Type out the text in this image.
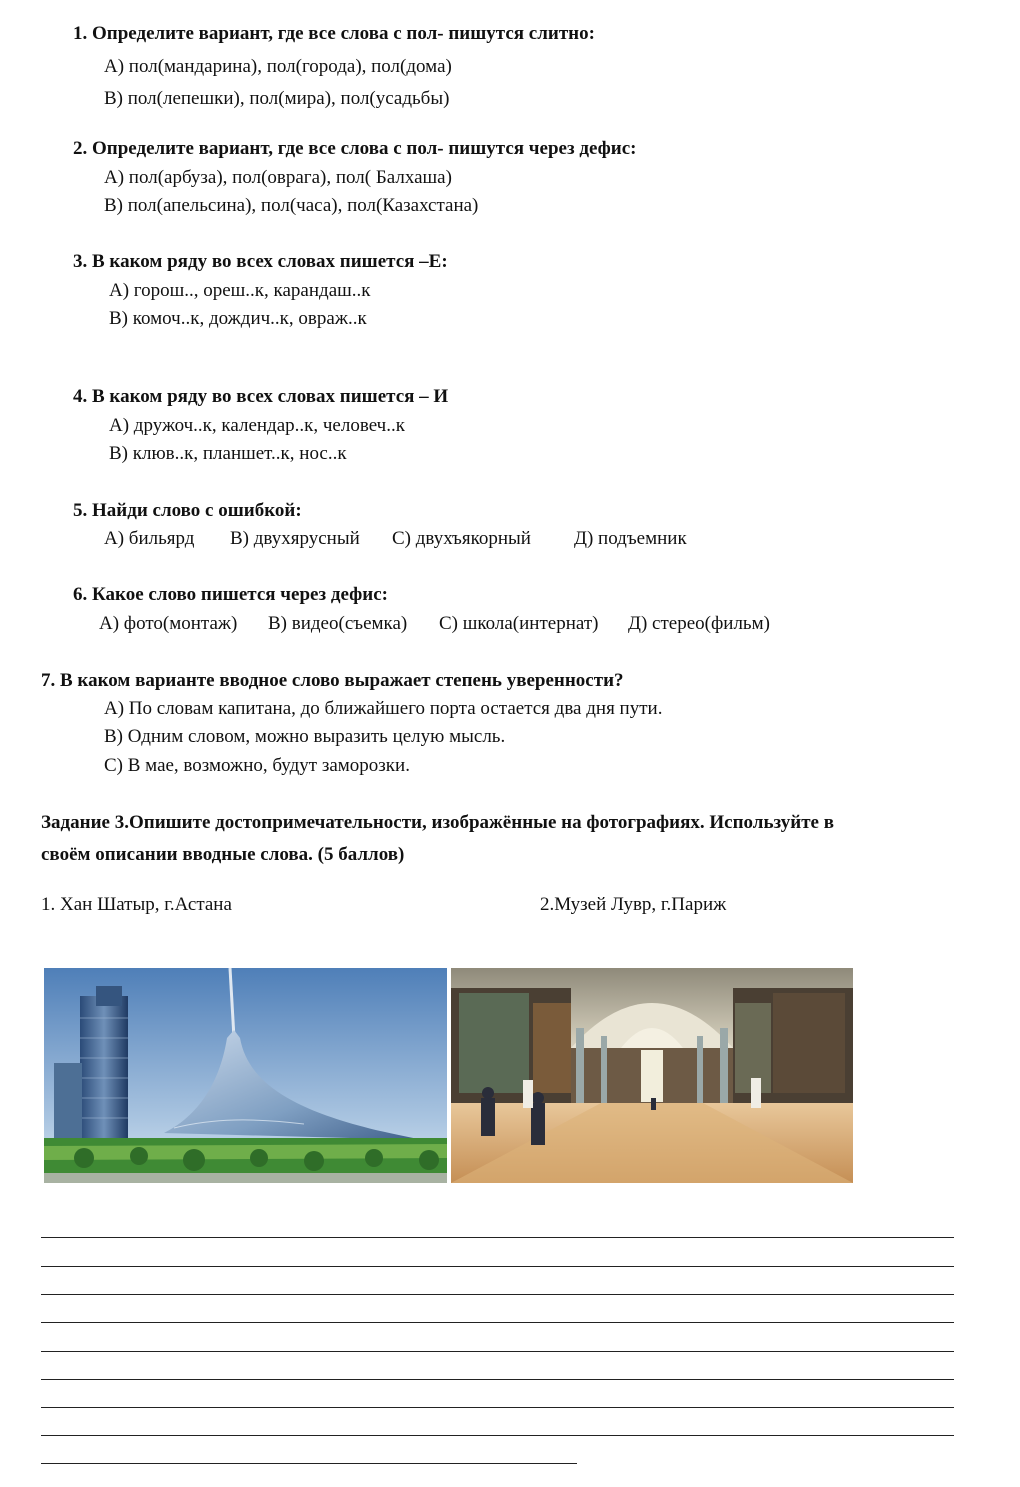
1. Определите вариант, где все слова с пол- пишутся слитно:
А) пол(мандарина), пол(города), пол(дома)
В) пол(лепешки), пол(мира), пол(усадьбы)
2. Определите вариант, где все слова с пол- пишутся через дефис:
А) пол(арбуза), пол(оврага), пол( Балхаша)
В) пол(апельсина), пол(часа), пол(Казахстана)
3. В каком ряду во всех словах пишется –Е:
А) горош.., ореш..к, карандаш..к
В) комоч..к, дождич..к, овраж..к
4. В каком ряду во всех словах пишется – И
А) дружоч..к, календар..к, человеч..к
В) клюв..к, планшет..к, нос..к
5. Найди слово с ошибкой:
А) бильярд В) двухярусный С) двухъякорный Д) подъемник
6. Какое слово пишется через дефис:
А) фото(монтаж) В) видео(съемка) С) школа(интернат) Д) стерео(фильм)
7. В каком варианте вводное слово выражает степень уверенности?
А) По словам капитана, до ближайшего порта остается два дня пути.
В) Одним словом, можно выразить целую мысль.
С) В мае, возможно, будут заморозки.
Задание 3.Опишите достопримечательности, изображённые на фотографиях. Используйте в
своём описании вводные слова. (5 баллов)
1. Хан Шатыр, г.Астана	2.Музей Лувр, г.Париж
